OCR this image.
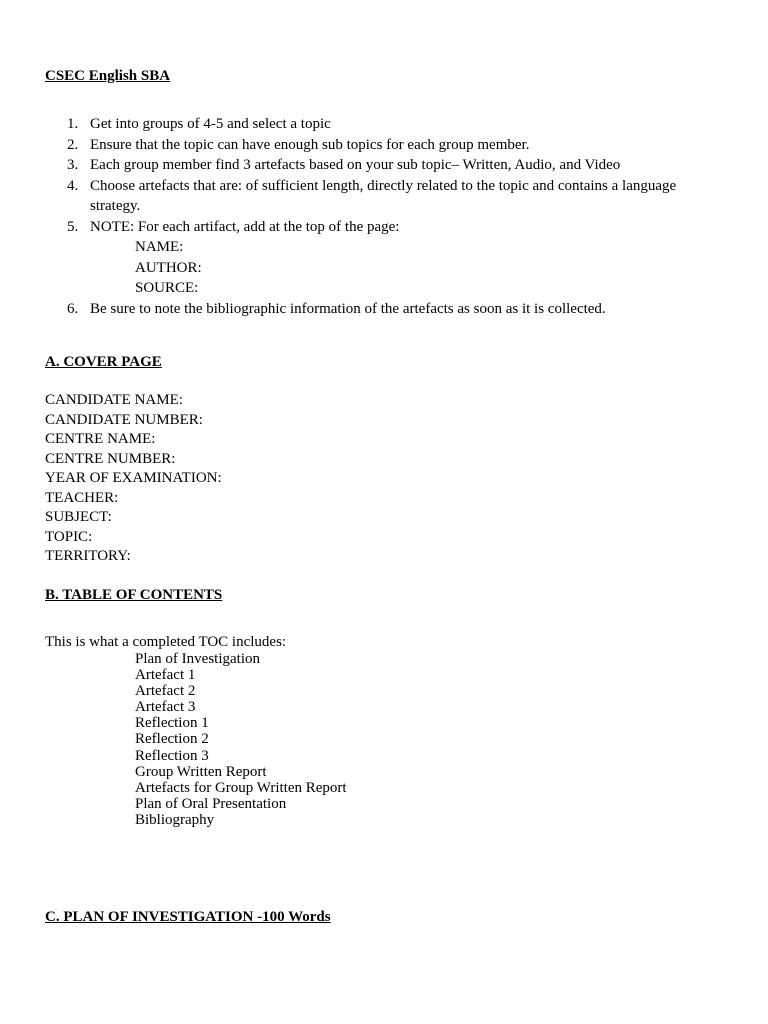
CSEC English SBA
1. Get into groups of 4-5 and select a topic
2. Ensure that the topic can have enough sub topics for each group member.
3. Each group member find 3 artefacts based on your sub topic– Written, Audio, and Video
4. Choose artefacts that are: of sufficient length, directly related to the topic and contains a language strategy.
5. NOTE: For each artifact, add at the top of the page:
NAME:
AUTHOR:
SOURCE:
6. Be sure to note the bibliographic information of the artefacts as soon as it is collected.
A. COVER PAGE
CANDIDATE NAME:
CANDIDATE NUMBER:
CENTRE NAME:
CENTRE NUMBER:
YEAR OF EXAMINATION:
TEACHER:
SUBJECT:
TOPIC:
TERRITORY:
B. TABLE OF CONTENTS
This is what a completed TOC includes:
Plan of Investigation
Artefact 1
Artefact 2
Artefact 3
Reflection 1
Reflection 2
Reflection 3
Group Written Report
Artefacts for Group Written Report
Plan of Oral Presentation
Bibliography
C. PLAN OF INVESTIGATION -100 Words
